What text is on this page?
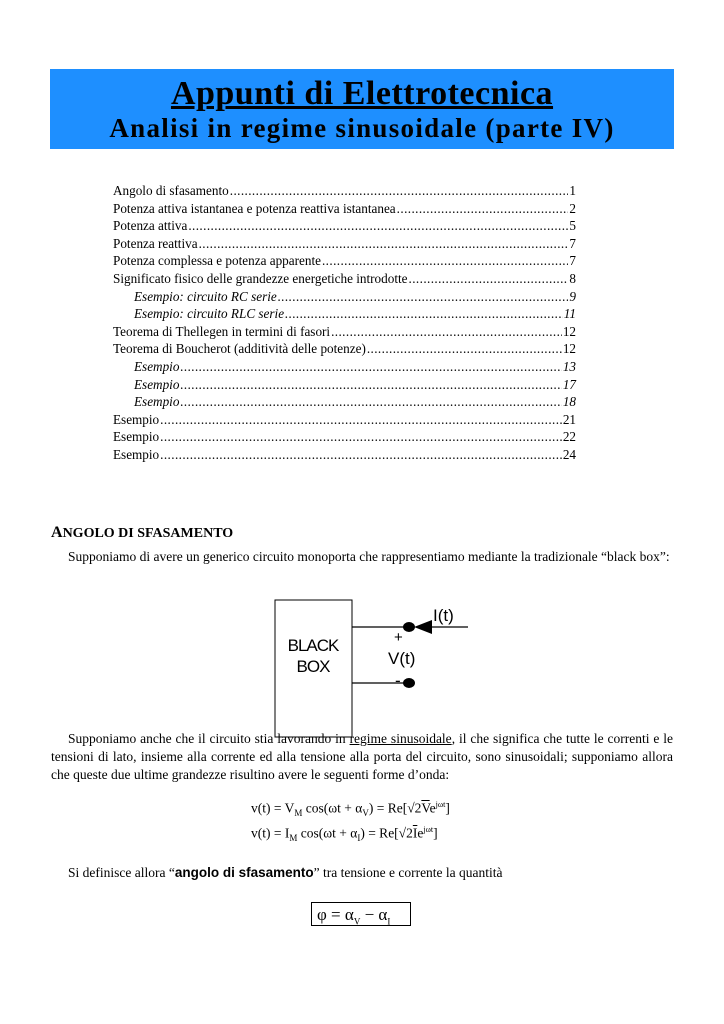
Appunti di Elettrotecnica
Analisi in regime sinusoidale (parte IV)
Angolo di sfasamento .....	1
Potenza attiva istantanea e potenza reattiva istantanea .....	2
Potenza attiva .....	5
Potenza reattiva .....	7
Potenza complessa e potenza apparente .....	7
Significato fisico delle grandezze energetiche introdotte .....	8
Esempio: circuito RC serie .....	9
Esempio: circuito RLC serie .....	11
Teorema di Thellegen in termini di fasori .....	12
Teorema di Boucherot (additività delle potenze) .....	12
Esempio .....	13
Esempio .....	17
Esempio .....	18
Esempio .....	21
Esempio .....	22
Esempio .....	24
ANGOLO DI SFASAMENTO
Supponiamo di avere un generico circuito monoporta che rappresentiamo mediante la tradizionale “black box”:
BLACK
BOX
I(t)
+
V(t)
-
Supponiamo anche che il circuito stia lavorando in regime sinusoidale, il che significa che tutte le correnti e le tensioni di lato, insieme alla corrente ed alla tensione alla porta del circuito, sono sinusoidali; supponiamo allora che queste due ultime grandezze risultino avere le seguenti forme d’onda:
$v(t) = V_M$ $\cos(\omega t + \alpha_V) = Re[√2\overline{V}e^{j\omega t}]$
$v(t) = I_M$ $\cos(\omega t + \alpha_I) = Re[√2\overline{I}e^{j\omega t}]$
Si definisce allora “angolo di sfasamento” tra tensione e corrente la quantità
$\varphi = \alpha_V - \alpha_I$
